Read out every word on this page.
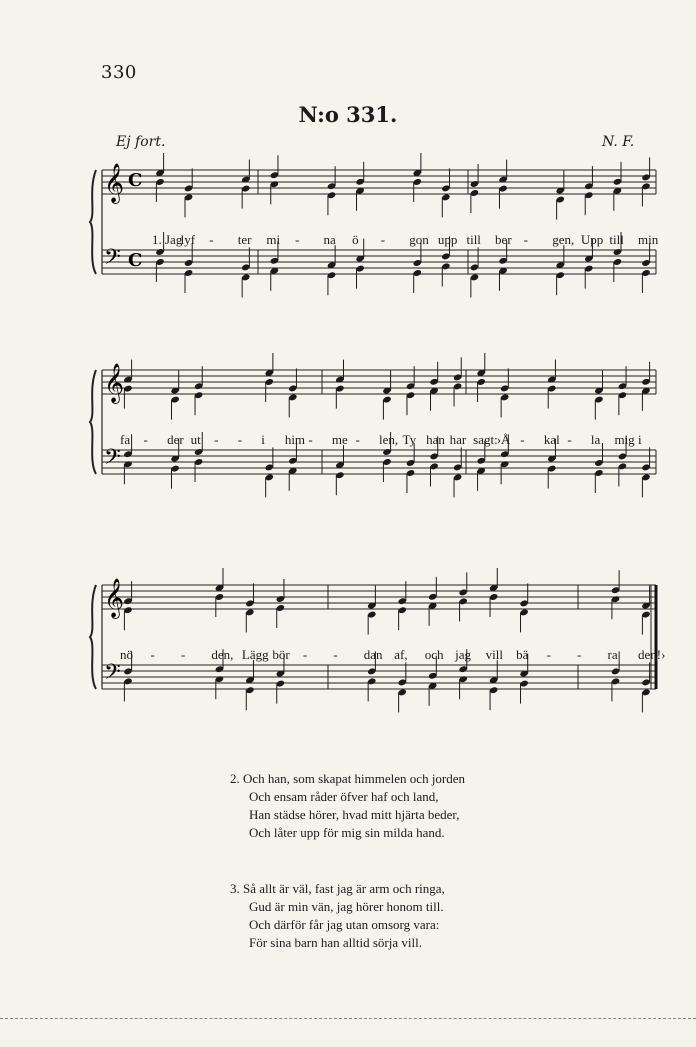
330
N:o 331.
Ej fort.	N. F.
𝄞
𝄢
C
C
1. Jag
lyf - ter mi - na ö - gon upp till ber - gen, Upp till min
𝄞
𝄢
fa - der ut - - i him - me - len, Ty han har sagt:
›Å - kal - la mig i
𝄞
𝄢
nö - - den, Lägg bör - - dan af, och jag vill bä - - ra den!›
2. Och han, som skapat himmelen och jorden
Och ensam råder öfver haf och land,
Han städse hörer, hvad mitt hjärta beder,
Och låter upp för mig sin milda hand.
3. Så allt är väl, fast jag är arm och ringa,
Gud är min vän, jag hörer honom till.
Och därför får jag utan omsorg vara:
För sina barn han alltid sörja vill.
